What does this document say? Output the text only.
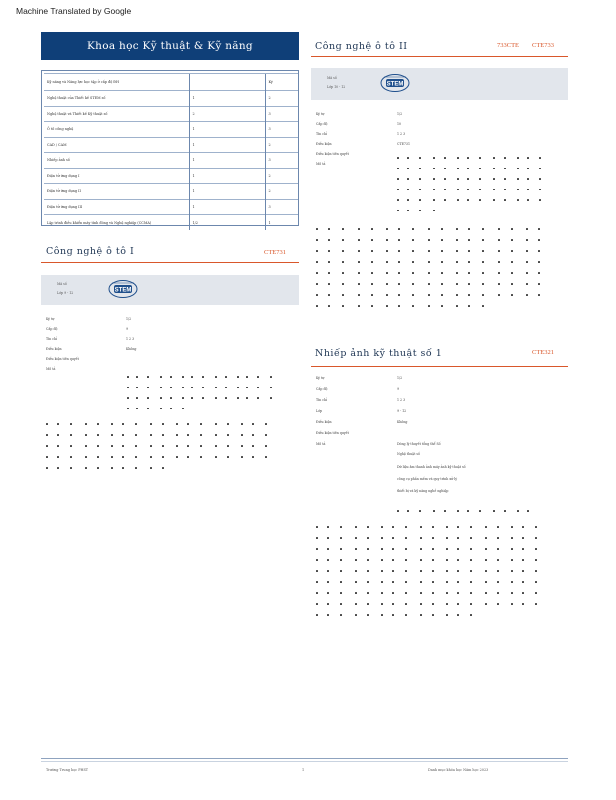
Machine Translated by Google
Khoa học Kỹ thuật & Kỹ năng
Kỹ năng và Năng lực học tập ở cấp độ ĐH		Ký
Nghệ thuật của Thiết kế STEM số	1	2
Nghệ thuật và Thiết kế Kỹ thuật số	2	3
Ô tô công nghệ	1	3
CAD / CAM	1	2
Nhiếp ảnh số	1	3
Điện tử ứng dụng I	1	2
Điện tử ứng dụng II	1	2
Điện tử ứng dụng III	1	3
Lập trình điều khiển máy tính đóng và Nghệ nghiệp (CCMA)	1/2	1
Công nghệ ô tô I	CTE731
Mã số
Lớp 9 - 12	STEM
Ký tự	1/2
Cấp độ	9
Tín chỉ	1 2 3
Điều kiện	Không
Điều kiện tiên quyết
Mô tả
Công nghệ ô tô II	733CTE CTE733
Mã số
Lớp 10 - 12	STEM
Ký tự	1/2
Cấp độ	10
Tín chỉ	1 2 3
Điều kiện	CTE731
Điều kiện tiên quyết
Mô tả
Nhiếp ảnh kỹ thuật số 1	CTE321
Ký tự	1/2
Cấp độ	9
Tín chỉ	1 2 3
Lớp	9 - 12
Điều kiện	Không
Điều kiện tiên quyết
Mô tả	Dòng lý thuyết tổng thể Số
Nghệ thuật số
Dữ liệu âm thanh ảnh máy ảnh kỹ thuật số
công cụ phần mềm và quy trình xử lý
thiết bị và kỹ năng nghề nghiệp
Trường Trung học PHST	1	Danh mục khóa học Năm học 2023
